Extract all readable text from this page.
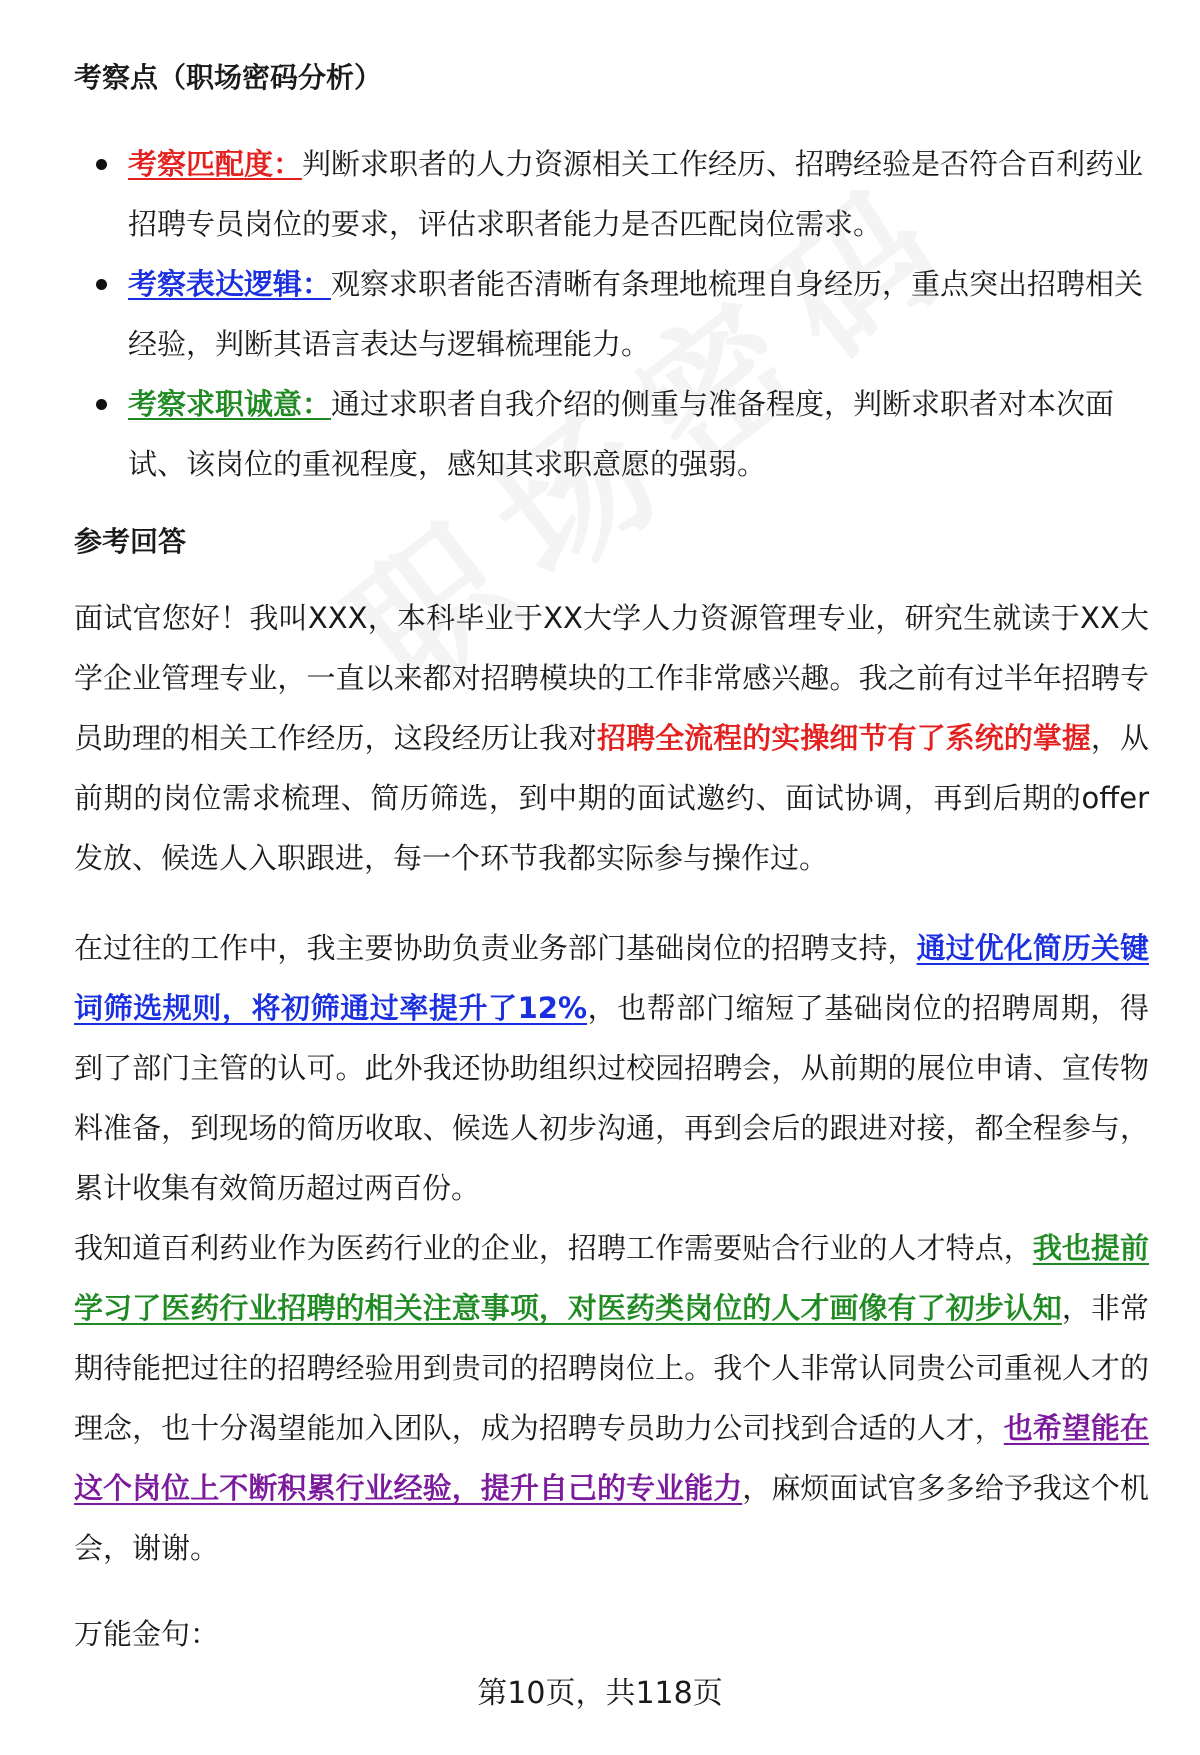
考察点（职场密码分析）
考察匹配度：判断求职者的人力资源相关工作经历、招聘经验是否符合百利药业招聘专员岗位的要求，评估求职者能力是否匹配岗位需求。
考察表达逻辑：观察求职者能否清晰有条理地梳理自身经历，重点突出招聘相关经验，判断其语言表达与逻辑梳理能力。
考察求职诚意：通过求职者自我介绍的侧重与准备程度，判断求职者对本次面试、该岗位的重视程度，感知其求职意愿的强弱。
参考回答

面试官您好！我叫XXX，本科毕业于XX大学人力资源管理专业，研究生就读于XX大学企业管理专业，一直以来都对招聘模块的工作非常感兴趣。我之前有过半年招聘专员助理的相关工作经历，这段经历让我对招聘全流程的实操细节有了系统的掌握，从前期的岗位需求梳理、简历筛选，到中期的面试邀约、面试协调，再到后期的offer发放、候选人入职跟进，每一个环节我都实际参与操作过。

在过往的工作中，我主要协助负责业务部门基础岗位的招聘支持，通过优化简历关键词筛选规则，将初筛通过率提升了12%，也帮部门缩短了基础岗位的招聘周期，得到了部门主管的认可。此外我还协助组织过校园招聘会，从前期的展位申请、宣传物料准备，到现场的简历收取、候选人初步沟通，再到会后的跟进对接，都全程参与，累计收集有效简历超过两百份。

我知道百利药业作为医药行业的企业，招聘工作需要贴合行业的人才特点，我也提前学习了医药行业招聘的相关注意事项，对医药类岗位的人才画像有了初步认知，非常期待能把过往的招聘经验用到贵司的招聘岗位上。我个人非常认同贵公司重视人才的理念，也十分渴望能加入团队，成为招聘专员助力公司找到合适的人才，也希望能在这个岗位上不断积累行业经验，提升自己的专业能力，麻烦面试官多多给予我这个机会，谢谢。

万能金句：

第10页，共118页
